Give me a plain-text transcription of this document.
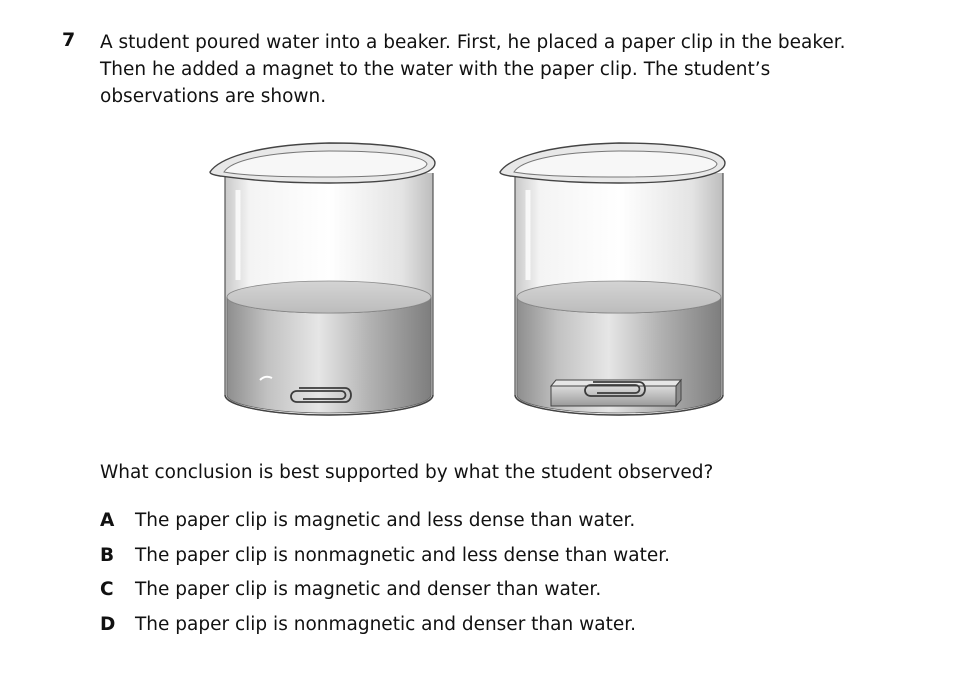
7 A student poured water into a beaker. First, he placed a paper clip in the beaker.
Then he added a magnet to the water with the paper clip. The student’s
observations are shown.
What conclusion is best supported by what the student observed?
A	The paper clip is magnetic and less dense than water.
B	The paper clip is nonmagnetic and less dense than water.
C	The paper clip is magnetic and denser than water.
D	The paper clip is nonmagnetic and denser than water.
